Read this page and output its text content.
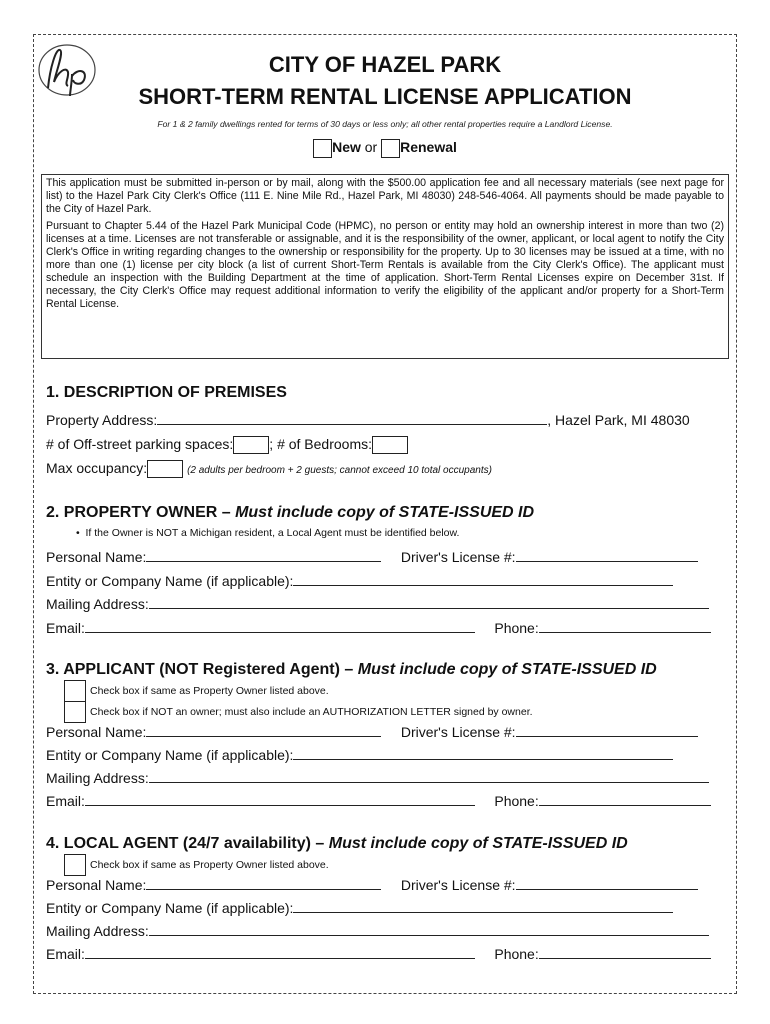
CITY OF HAZEL PARK
SHORT-TERM RENTAL LICENSE APPLICATION
For 1 & 2 family dwellings rented for terms of 30 days or less only; all other rental properties require a Landlord License.
New or Renewal

This application must be submitted in-person or by mail, along with the $500.00 application fee and all necessary materials (see next page for list) to the Hazel Park City Clerk's Office (111 E. Nine Mile Rd., Hazel Park, MI 48030) 248-546-4064. All payments should be made payable to the City of Hazel Park.

Pursuant to Chapter 5.44 of the Hazel Park Municipal Code (HPMC), no person or entity may hold an ownership interest in more than two (2) licenses at a time. Licenses are not transferable or assignable, and it is the responsibility of the owner, applicant, or local agent to notify the City Clerk's Office in writing regarding changes to the ownership or responsibility for the property. Up to 30 licenses may be issued at a time, with no more than one (1) license per city block (a list of current Short-Term Rentals is available from the City Clerk's Office). The applicant must schedule an inspection with the Building Department at the time of application. Short-Term Rental Licenses expire on December 31st. If necessary, the City Clerk's Office may request additional information to verify the eligibility of the applicant and/or property for a Short-Term Rental License.

1. DESCRIPTION OF PREMISES
Property Address:	, Hazel Park, MI 48030
# of Off-street parking spaces:	; # of Bedrooms:
Max occupancy:	(2 adults per bedroom + 2 guests; cannot exceed 10 total occupants)
2. PROPERTY OWNER – Must include copy of STATE-ISSUED ID
•  If the Owner is NOT a Michigan resident, a Local Agent must be identified below.
Personal Name:	Driver's License #:
Entity or Company Name (if applicable):
Mailing Address:
Email:	Phone:
3. APPLICANT (NOT Registered Agent) – Must include copy of STATE-ISSUED ID
Check box if same as Property Owner listed above.
Check box if NOT an owner; must also include an AUTHORIZATION LETTER signed by owner.
Personal Name:	Driver's License #:
Entity or Company Name (if applicable):
Mailing Address:
Email:	Phone:
4. LOCAL AGENT (24/7 availability) – Must include copy of STATE-ISSUED ID
Check box if same as Property Owner listed above.
Personal Name:	Driver's License #:
Entity or Company Name (if applicable):
Mailing Address:
Email:	Phone:
